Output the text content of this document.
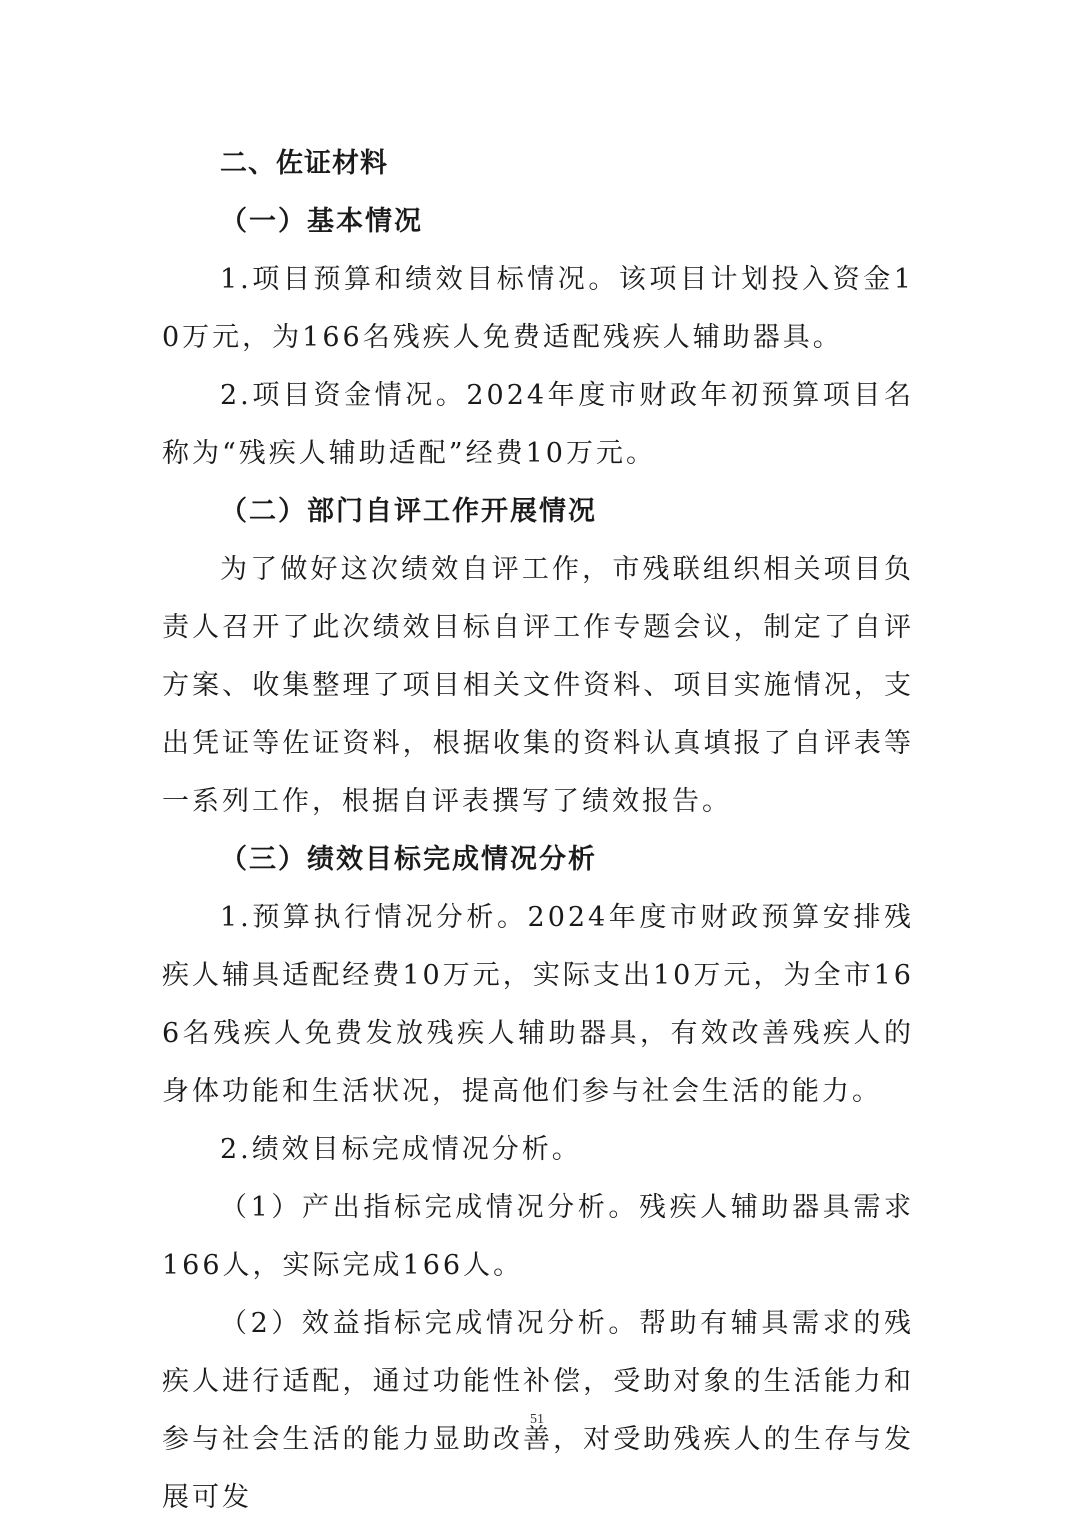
二、佐证材料

（一）基本情况

1.项目预算和绩效目标情况。该项目计划投入资金10万元，为166名残疾人免费适配残疾人辅助器具。

2.项目资金情况。2024年度市财政年初预算项目名称为“残疾人辅助适配”经费10万元。

（二）部门自评工作开展情况

为了做好这次绩效自评工作，市残联组织相关项目负责人召开了此次绩效目标自评工作专题会议，制定了自评方案、收集整理了项目相关文件资料、项目实施情况，支出凭证等佐证资料，根据收集的资料认真填报了自评表等一系列工作，根据自评表撰写了绩效报告。

（三）绩效目标完成情况分析

1.预算执行情况分析。2024年度市财政预算安排残疾人辅具适配经费10万元，实际支出10万元，为全市166名残疾人免费发放残疾人辅助器具，有效改善残疾人的身体功能和生活状况，提高他们参与社会生活的能力。

2.绩效目标完成情况分析。

（1）产出指标完成情况分析。残疾人辅助器具需求166人，实际完成166人。

（2）效益指标完成情况分析。帮助有辅具需求的残疾人进行适配，通过功能性补偿，受助对象的生活能力和参与社会生活的能力显助改善，对受助残疾人的生存与发展可发

51
